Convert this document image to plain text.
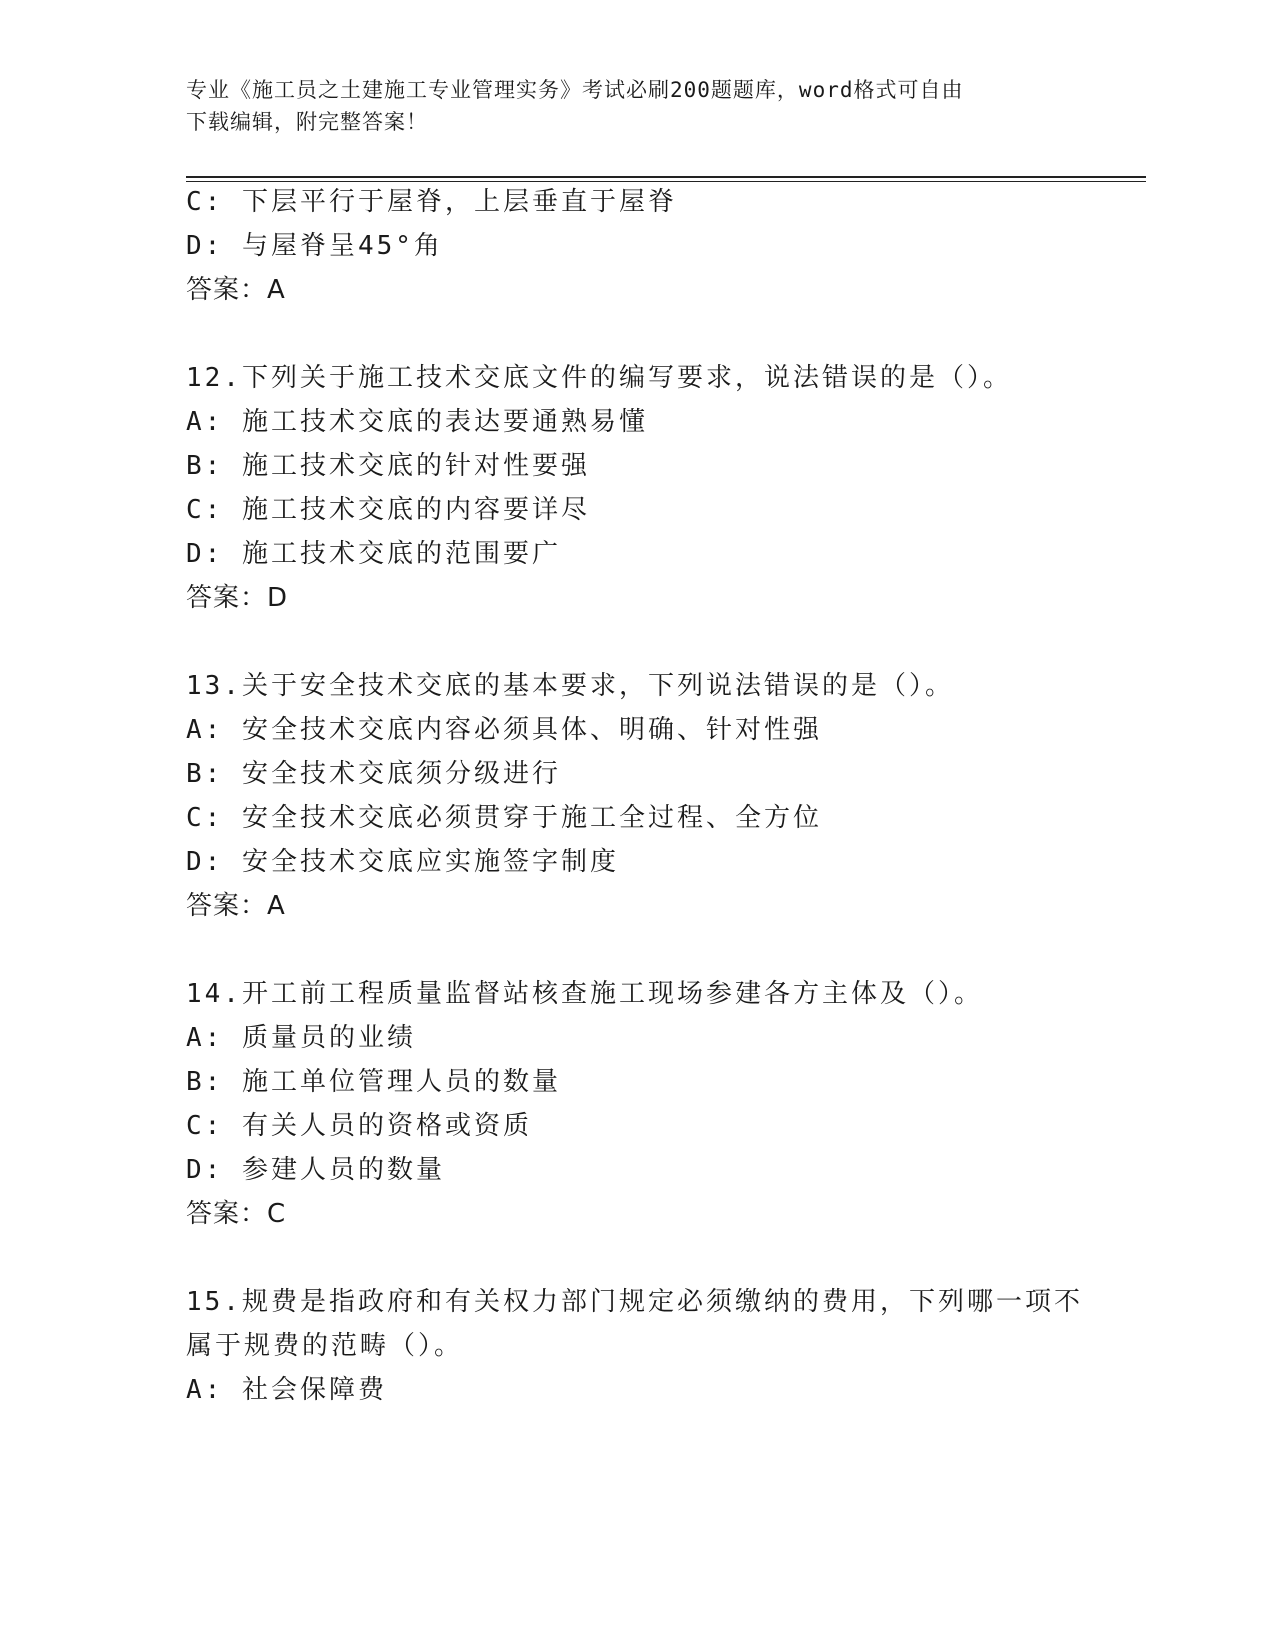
专业《施工员之土建施工专业管理实务》考试必刷200题题库，word格式可自由
下载编辑，附完整答案！
C: 下层平行于屋脊，上层垂直于屋脊
D: 与屋脊呈45°角
答案：A
12.下列关于施工技术交底文件的编写要求，说法错误的是（）。
A: 施工技术交底的表达要通熟易懂
B: 施工技术交底的针对性要强
C: 施工技术交底的内容要详尽
D: 施工技术交底的范围要广
答案：D
13.关于安全技术交底的基本要求，下列说法错误的是（）。
A: 安全技术交底内容必须具体、明确、针对性强
B: 安全技术交底须分级进行
C: 安全技术交底必须贯穿于施工全过程、全方位
D: 安全技术交底应实施签字制度
答案：A
14.开工前工程质量监督站核查施工现场参建各方主体及（）。
A: 质量员的业绩
B: 施工单位管理人员的数量
C: 有关人员的资格或资质
D: 参建人员的数量
答案：C
15.规费是指政府和有关权力部门规定必须缴纳的费用，下列哪一项不
属于规费的范畴（）。
A: 社会保障费
